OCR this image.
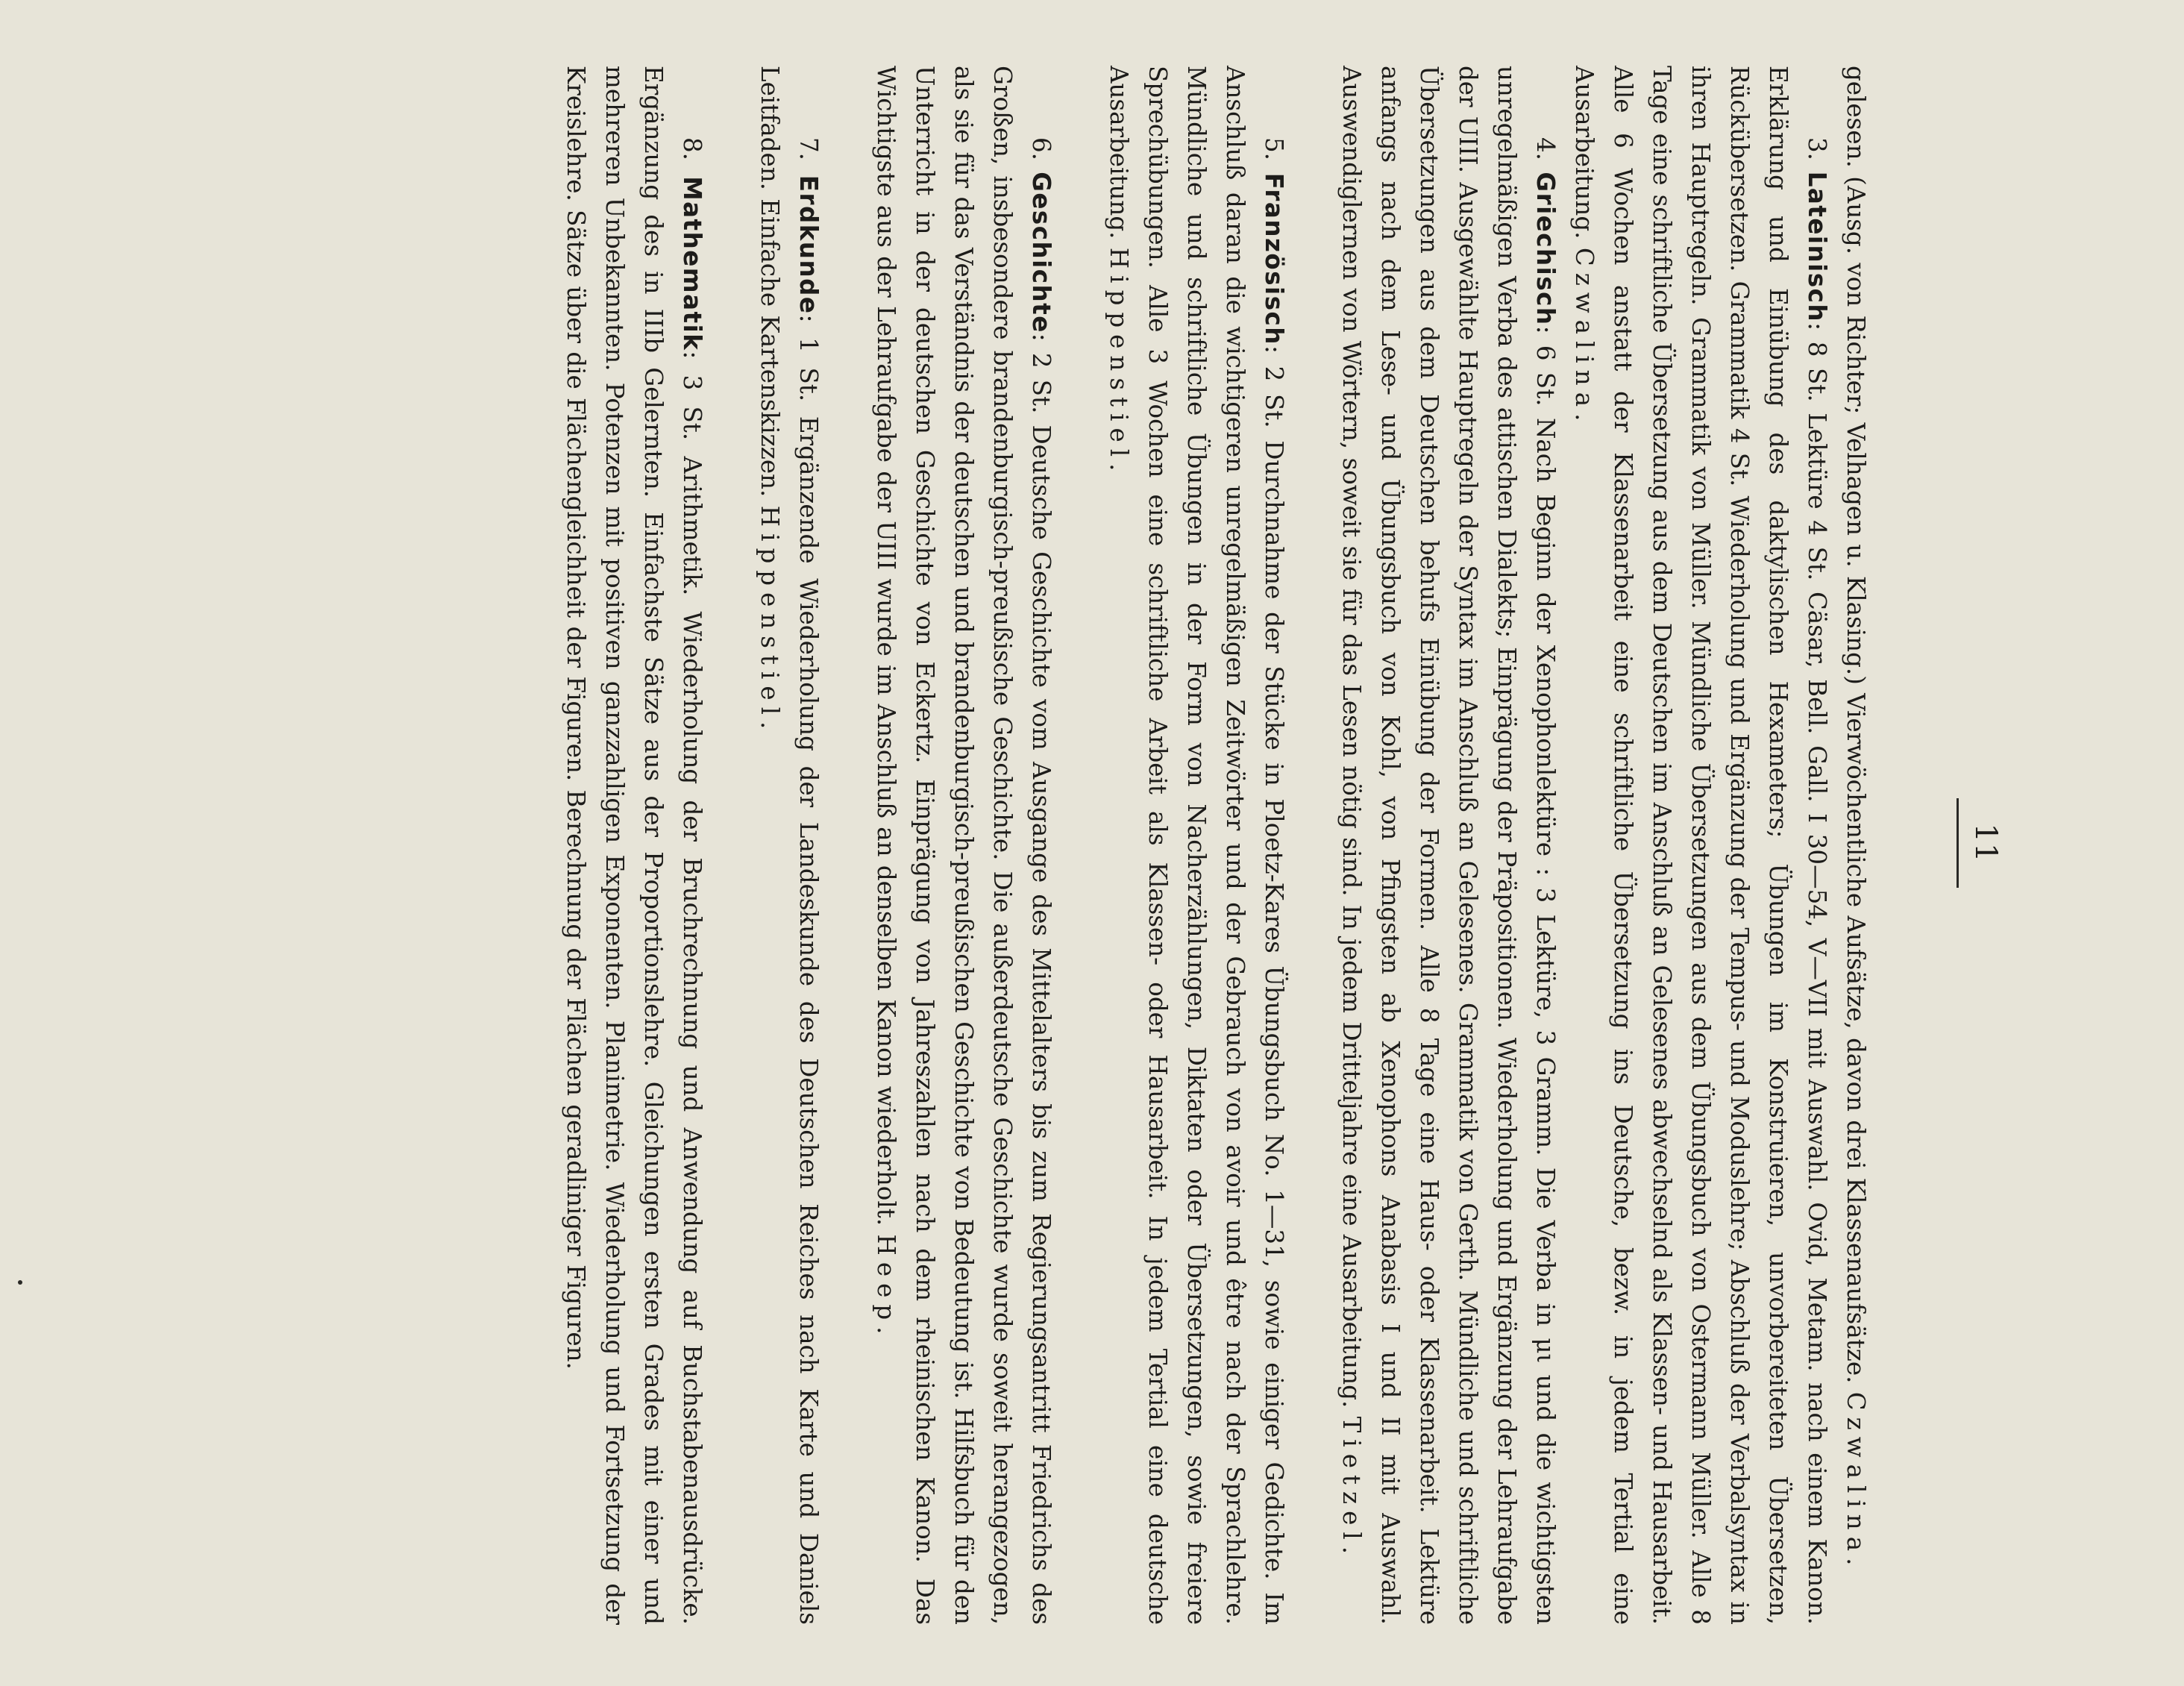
11

gelesen. (Ausg. von Richter; Velhagen u. Klasing.) Vierwöchentliche Aufsätze, davon drei Klassenaufsätze. Czwalina.

3. Lateinisch: 8 St. Lektüre 4 St. Cäsar, Bell. Gall. I 30—54, V—VII mit Auswahl. Ovid, Metam. nach einem Kanon. Erklärung und Einübung des daktylischen Hexameters; Übungen im Konstruieren, unvorbereiteten Übersetzen, Rückübersetzen. Grammatik 4 St. Wiederholung und Ergänzung der Tempus- und Moduslehre; Abschluß der Verbalsyntax in ihren Hauptregeln. Grammatik von Müller. Mündliche Übersetzungen aus dem Übungsbuch von Ostermann Müller. Alle 8 Tage eine schriftliche Übersetzung aus dem Deutschen im Anschluß an Gelesenes abwechselnd als Klassen- und Hausarbeit. Alle 6 Wochen anstatt der Klassenarbeit eine schriftliche Übersetzung ins Deutsche, bezw. in jedem Tertial eine Ausarbeitung. Czwalina.

4. Griechisch: 6 St. Nach Beginn der Xenophonlektüre : 3 Lektüre, 3 Gramm. Die Verba in μι und die wichtigsten unregelmäßigen Verba des attischen Dialekts; Einprägung der Präpositionen. Wiederholung und Ergänzung der Lehraufgabe der UIII. Ausgewählte Hauptregeln der Syntax im Anschluß an Gelesenes. Grammatik von Gerth. Mündliche und schriftliche Übersetzungen aus dem Deutschen behufs Einübung der Formen. Alle 8 Tage eine Haus- oder Klassenarbeit. Lektüre anfangs nach dem Lese- und Übungsbuch von Kohl, von Pfingsten ab Xenophons Anabasis I und II mit Auswahl. Auswendiglernen von Wörtern, soweit sie für das Lesen nötig sind. In jedem Dritteljahre eine Ausarbeitung. Tietzel.

5. Französisch: 2 St. Durchnahme der Stücke in Ploetz-Kares Übungsbuch No. 1—31, sowie einiger Gedichte. Im Anschluß daran die wichtigeren unregelmäßigen Zeitwörter und der Gebrauch von avoir und être nach der Sprachlehre. Mündliche und schriftliche Übungen in der Form von Nacherzählungen, Diktaten oder Übersetzungen, sowie freiere Sprechübungen. Alle 3 Wochen eine schriftliche Arbeit als Klassen- oder Hausarbeit. In jedem Tertial eine deutsche Ausarbeitung. Hippenstiel.

6. Geschichte: 2 St. Deutsche Geschichte vom Ausgange des Mittelalters bis zum Regierungsantritt Friedrichs des Großen, insbesondere brandenburgisch-preußische Geschichte. Die außerdeutsche Geschichte wurde soweit herangezogen, als sie für das Verständnis der deutschen und brandenburgisch-preußischen Geschichte von Bedeutung ist. Hilfsbuch für den Unterricht in der deutschen Geschichte von Eckertz. Einprägung von Jahreszahlen nach dem rheinischen Kanon. Das Wichtigste aus der Lehraufgabe der UIII wurde im Anschluß an denselben Kanon wiederholt. Heep.

7. Erdkunde: 1 St. Ergänzende Wiederholung der Landeskunde des Deutschen Reiches nach Karte und Daniels Leitfaden. Einfache Kartenskizzen. Hippenstiel.

8. Mathematik: 3 St. Arithmetik. Wiederholung der Bruchrechnung und Anwendung auf Buchstabenausdrücke. Ergänzung des in IIIb Gelernten. Einfachste Sätze aus der Proportionslehre. Gleichungen ersten Grades mit einer und mehreren Unbekannten. Potenzen mit positiven ganzzahligen Exponenten. Planimetrie. Wiederholung und Fortsetzung der Kreislehre. Sätze über die Flächengleichheit der Figuren. Berechnung der Flächen geradliniger Figuren.
